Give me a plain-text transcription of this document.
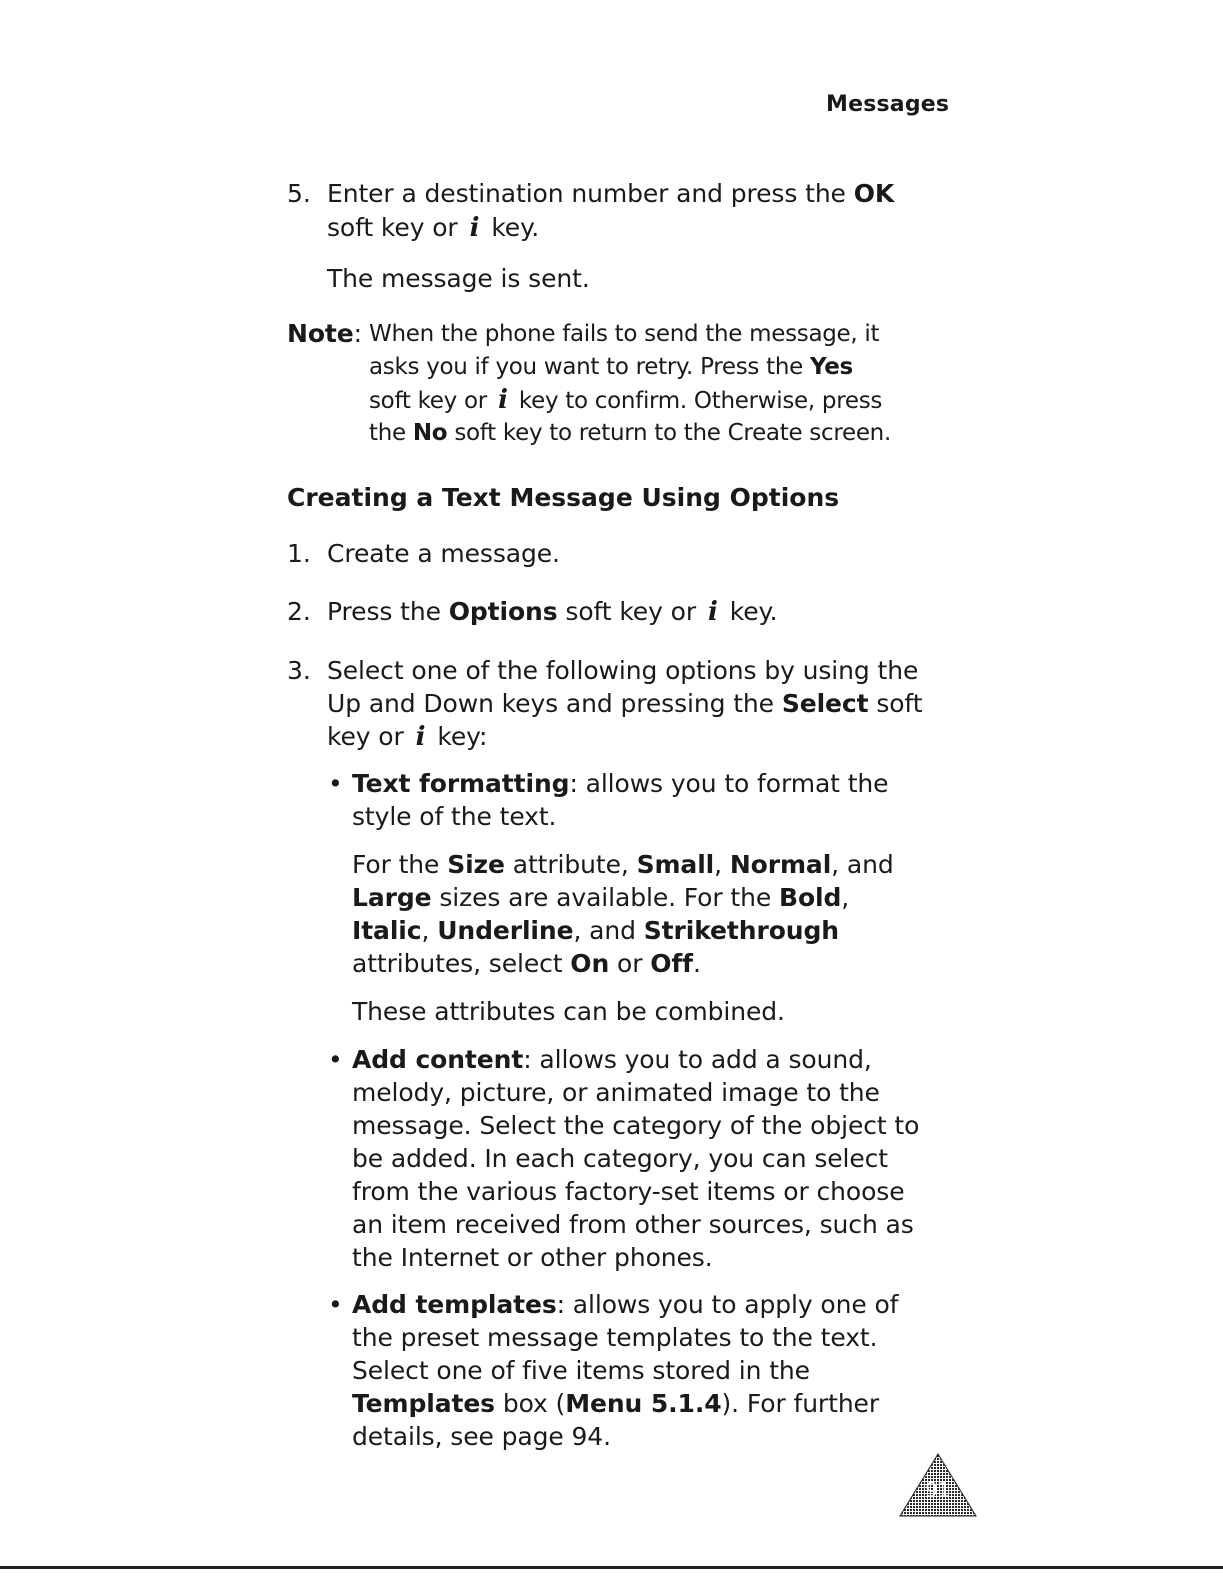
Messages
5. Enter a destination number and press the OK
soft key or i key.
The message is sent.
Note: When the phone fails to send the message, it
asks you if you want to retry. Press the Yes
soft key or i key to confirm. Otherwise, press
the No soft key to return to the Create screen.
Creating a Text Message Using Options
1. Create a message.
2. Press the Options soft key or i key.
3. Select one of the following options by using the
Up and Down keys and pressing the Select soft
key or i key:
• Text formatting: allows you to format the
style of the text.
For the Size attribute, Small, Normal, and
Large sizes are available. For the Bold,
Italic, Underline, and Strikethrough
attributes, select On or Off.
These attributes can be combined.
• Add content: allows you to add a sound,
melody, picture, or animated image to the
message. Select the category of the object to
be added. In each category, you can select
from the various factory-set items or choose
an item received from other sources, such as
the Internet or other phones.
• Add templates: allows you to apply one of
the preset message templates to the text.
Select one of five items stored in the
Templates box (Menu 5.1.4). For further
details, see page 94.
91
